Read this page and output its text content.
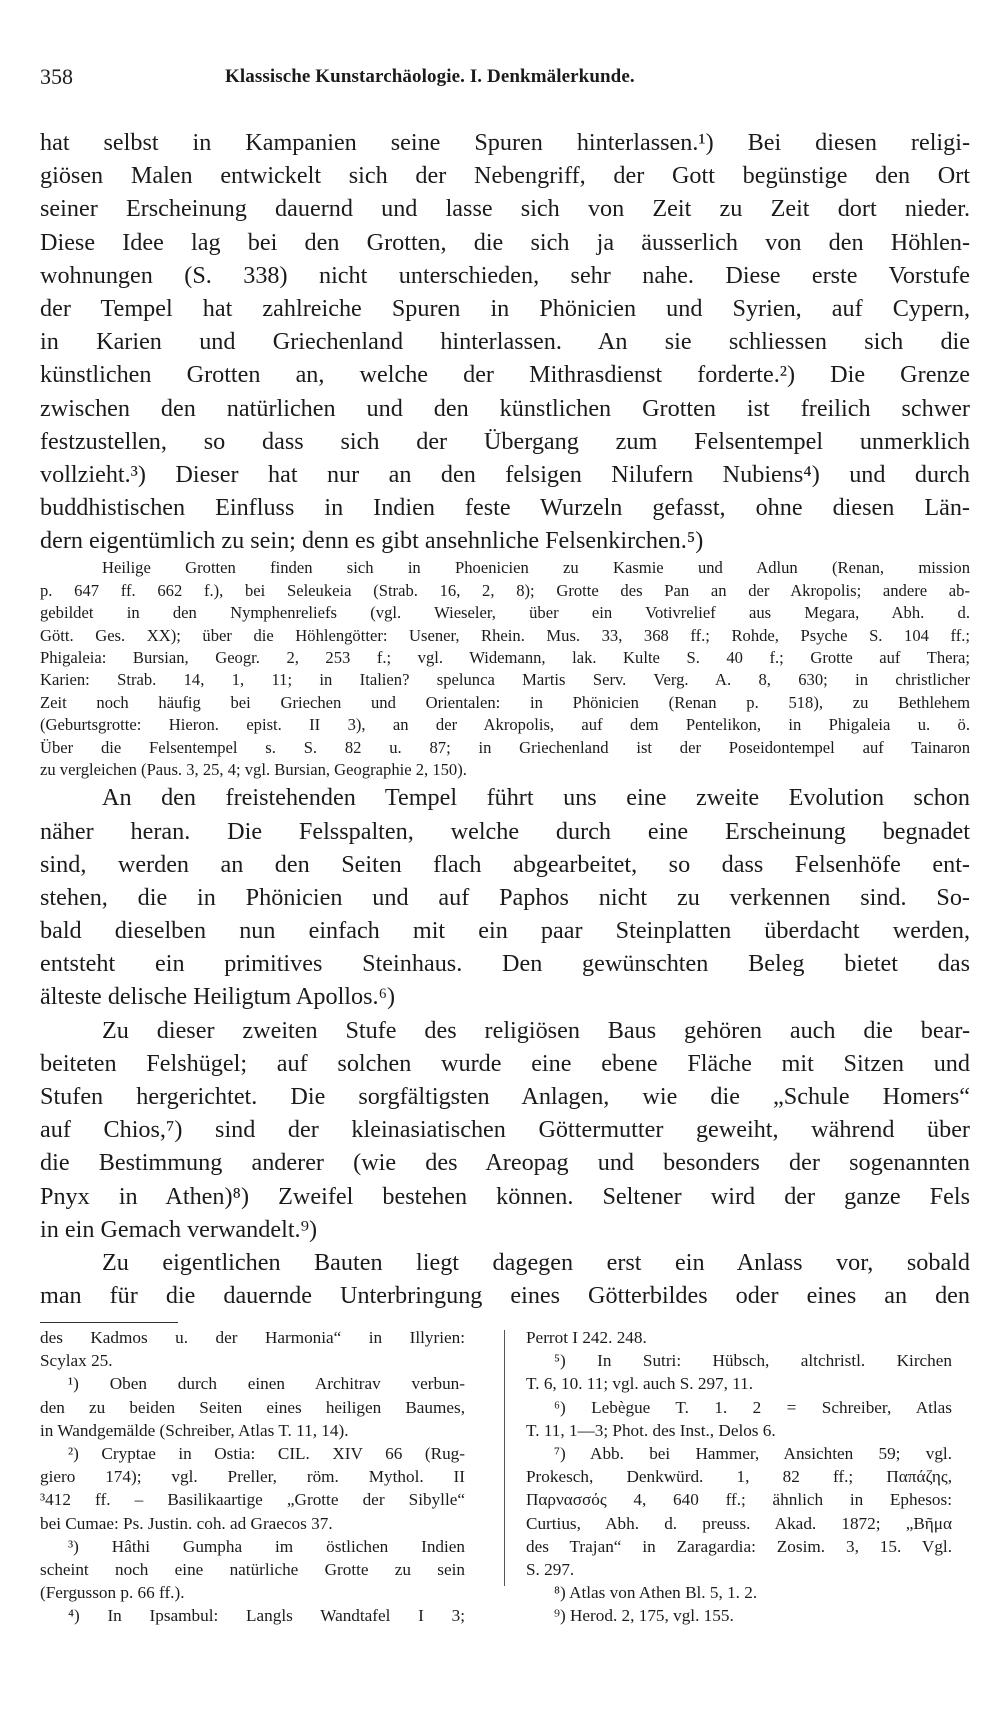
358	Klassische Kunstarchäologie. I. Denkmälerkunde.
hat selbst in Kampanien seine Spuren hinterlassen.¹) Bei diesen religi-
giösen Malen entwickelt sich der Nebengriff, der Gott begünstige den Ort
seiner Erscheinung dauernd und lasse sich von Zeit zu Zeit dort nieder.
Diese Idee lag bei den Grotten, die sich ja äusserlich von den Höhlen-
wohnungen (S. 338) nicht unterschieden, sehr nahe. Diese erste Vorstufe
der Tempel hat zahlreiche Spuren in Phönicien und Syrien, auf Cypern,
in Karien und Griechenland hinterlassen. An sie schliessen sich die
künstlichen Grotten an, welche der Mithrasdienst forderte.²) Die Grenze
zwischen den natürlichen und den künstlichen Grotten ist freilich schwer
festzustellen, so dass sich der Übergang zum Felsentempel unmerklich
vollzieht.³) Dieser hat nur an den felsigen Nilufern Nubiens⁴) und durch
buddhistischen Einfluss in Indien feste Wurzeln gefasst, ohne diesen Län-
dern eigentümlich zu sein; denn es gibt ansehnliche Felsenkirchen.⁵)
Heilige Grotten finden sich in Phoenicien zu Kasmie und Adlun (Renan, mission
p. 647 ff. 662 f.), bei Seleukeia (Strab. 16, 2, 8); Grotte des Pan an der Akropolis; andere ab-
gebildet in den Nymphenreliefs (vgl. Wieseler, über ein Votivrelief aus Megara, Abh. d.
Gött. Ges. XX); über die Höhlengötter: Usener, Rhein. Mus. 33, 368 ff.; Rohde, Psyche S. 104 ff.;
Phigaleia: Bursian, Geogr. 2, 253 f.; vgl. Widemann, lak. Kulte S. 40 f.; Grotte auf Thera;
Karien: Strab. 14, 1, 11; in Italien? spelunca Martis Serv. Verg. A. 8, 630; in christlicher
Zeit noch häufig bei Griechen und Orientalen: in Phönicien (Renan p. 518), zu Bethlehem
(Geburtsgrotte: Hieron. epist. II 3), an der Akropolis, auf dem Pentelikon, in Phigaleia u. ö.
Über die Felsentempel s. S. 82 u. 87; in Griechenland ist der Poseidontempel auf Tainaron
zu vergleichen (Paus. 3, 25, 4; vgl. Bursian, Geographie 2, 150).
An den freistehenden Tempel führt uns eine zweite Evolution schon
näher heran. Die Felsspalten, welche durch eine Erscheinung begnadet
sind, werden an den Seiten flach abgearbeitet, so dass Felsenhöfe ent-
stehen, die in Phönicien und auf Paphos nicht zu verkennen sind. So-
bald dieselben nun einfach mit ein paar Steinplatten überdacht werden,
entsteht ein primitives Steinhaus. Den gewünschten Beleg bietet das
älteste delische Heiligtum Apollos.⁶)
Zu dieser zweiten Stufe des religiösen Baus gehören auch die bear-
beiteten Felshügel; auf solchen wurde eine ebene Fläche mit Sitzen und
Stufen hergerichtet. Die sorgfältigsten Anlagen, wie die „Schule Homers“
auf Chios,⁷) sind der kleinasiatischen Göttermutter geweiht, während über
die Bestimmung anderer (wie des Areopag und besonders der sogenannten
Pnyx in Athen)⁸) Zweifel bestehen können. Seltener wird der ganze Fels
in ein Gemach verwandelt.⁹)
Zu eigentlichen Bauten liegt dagegen erst ein Anlass vor, sobald
man für die dauernde Unterbringung eines Götterbildes oder eines an den
des Kadmos u. der Harmonia“ in Illyrien:
Scylax 25.
¹) Oben durch einen Architrav verbun-
den zu beiden Seiten eines heiligen Baumes,
in Wandgemälde (Schreiber, Atlas T. 11, 14).
²) Cryptae in Ostia: CIL. XIV 66 (Rug-
giero 174); vgl. Preller, röm. Mythol. II
³412 ff. – Basilikaartige „Grotte der Sibylle“
bei Cumae: Ps. Justin. coh. ad Graecos 37.
³) Hâthi Gumpha im östlichen Indien
scheint noch eine natürliche Grotte zu sein
(Fergusson p. 66 ff.).
⁴) In Ipsambul: Langls Wandtafel I 3;
Perrot I 242. 248.
⁵) In Sutri: Hübsch, altchristl. Kirchen
T. 6, 10. 11; vgl. auch S. 297, 11.
⁶) Lebègue T. 1. 2 = Schreiber, Atlas
T. 11, 1—3; Phot. des Inst., Delos 6.
⁷) Abb. bei Hammer, Ansichten 59; vgl.
Prokesch, Denkwürd. 1, 82 ff.; Παπάζης,
Παρνασσός 4, 640 ff.; ähnlich in Ephesos:
Curtius, Abh. d. preuss. Akad. 1872; „Βῆμα
des Trajan“ in Zaragardia: Zosim. 3, 15. Vgl.
S. 297.
⁸) Atlas von Athen Bl. 5, 1. 2.
⁹) Herod. 2, 175, vgl. 155.
